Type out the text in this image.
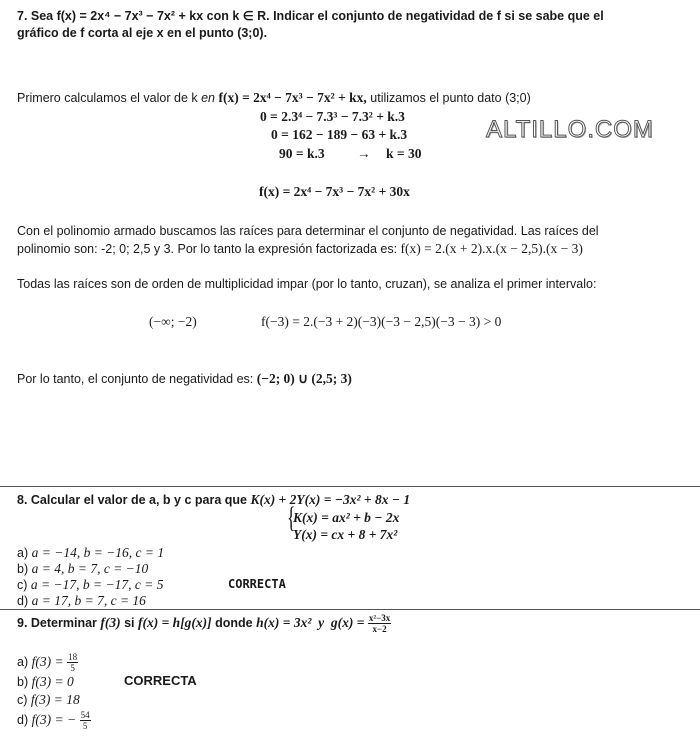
7. Sea f(x) = 2x⁴ − 7x³ − 7x² + kx con k ∈ R. Indicar el conjunto de negatividad de f si se sabe que el
gráfico de f corta al eje x en el punto (3;0).
Primero calculamos el valor de k en f(x) = 2x⁴ − 7x³ − 7x² + kx, utilizamos el punto dato (3;0)
0 = 2.3⁴ − 7.3³ − 7.3² + k.3
0 = 162 − 189 − 63 + k.3
90 = k.3 → k = 30
ALTILLO.COM
f(x) = 2x⁴ − 7x³ − 7x² + 30x
Con el polinomio armado buscamos las raíces para determinar el conjunto de negatividad. Las raíces del
polinomio son: -2; 0; 2,5 y 3. Por lo tanto la expresión factorizada es: f(x) = 2.(x + 2).x.(x − 2,5).(x − 3)
Todas las raíces son de orden de multiplicidad impar (por lo tanto, cruzan), se analiza el primer intervalo:
(−∞; −2)	f(−3) = 2.(−3 + 2)(−3)(−3 − 2,5)(−3 − 3) > 0
Por lo tanto, el conjunto de negatividad es: (−2; 0) ∪ (2,5; 3)
8. Calcular el valor de a, b y c para que K(x) + 2Y(x) = −3x² + 8x − 1
{
K(x) = ax² + b − 2x
Y(x) = cx + 8 + 7x²
a) a = −14, b = −16, c = 1
b) a = 4, b = 7, c = −10
c) a = −17, b = −17, c = 5	CORRECTA
d) a = 17, b = 7, c = 16
9. Determinar f(3) si f(x) = h[g(x)] donde h(x) = 3x²  y  $g(x) = \frac{\text{x²−3x}}{x-2}$
a) $f(3) = \frac{18}{5}$
b) f(3) = 0	CORRECTA
c) f(3) = 18
d) f(3) = − $\frac{54}{5}$
